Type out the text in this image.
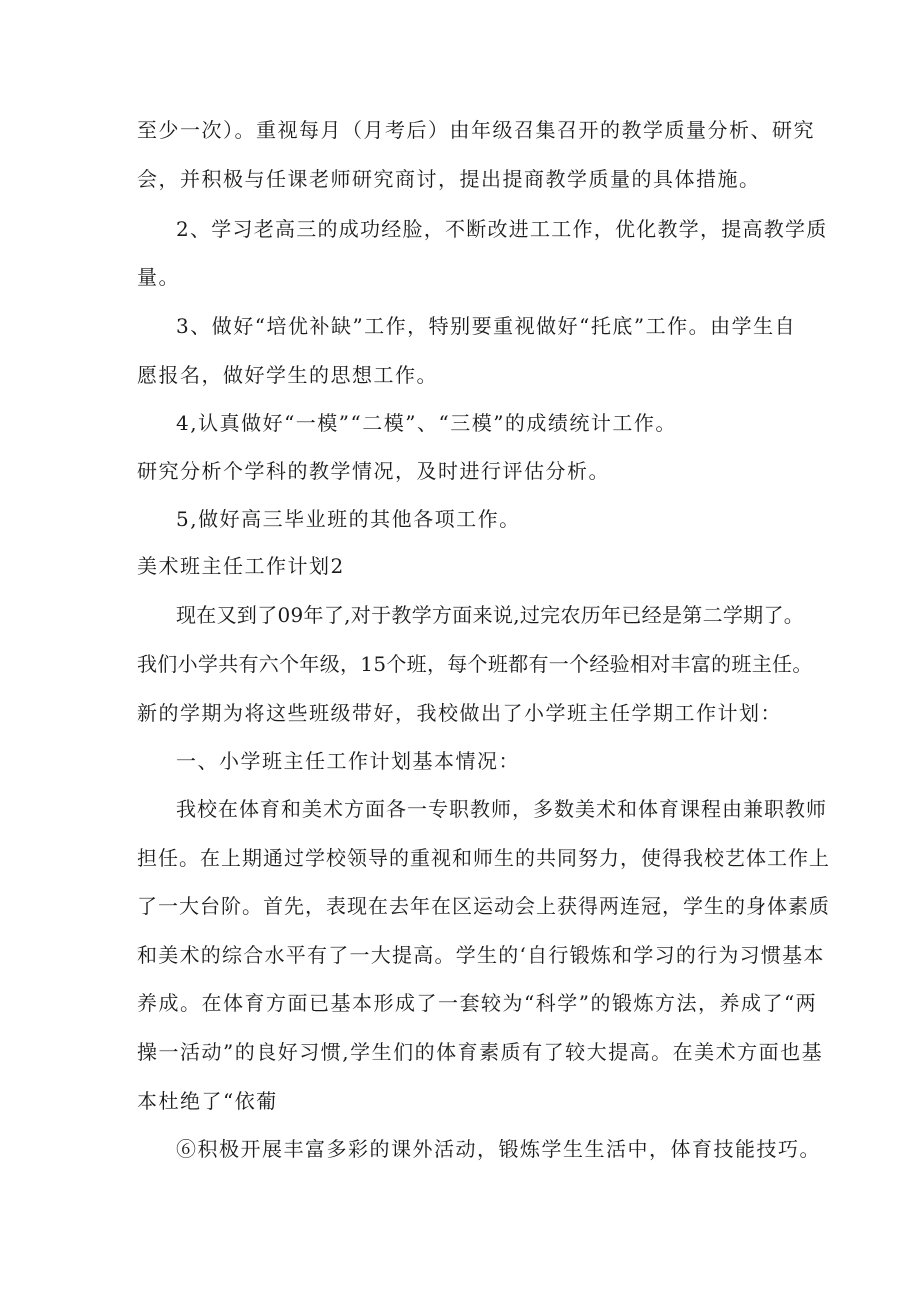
至少一次）。重视每月（月考后）由年级召集召开的教学质量分析、研究
会，并积极与任课老师研究商讨，提出提商教学质量的具体措施。
2、学习老高三的成功经脸，不断改进工工作，优化教学，提高教学质
量。
3、做好“培优补缺”工作，特别要重视做好“托底”工作。由学生自
愿报名，做好学生的思想工作。
4,认真做好“一模”“二模”、“三模”的成绩统计工作。
研究分析个学科的教学情况，及时进行评估分析。
5,做好高三毕业班的其他各项工作。
美术班主任工作计划2
现在又到了09年了,对于教学方面来说,过完农历年已经是第二学期了。
我们小学共有六个年级，15个班，每个班都有一个经验相对丰富的班主任。
新的学期为将这些班级带好，我校做出了小学班主任学期工作计划：
一、小学班主任工作计划基本情况：
我校在体育和美术方面各一专职教师，多数美术和体育课程由兼职教师
担任。在上期通过学校领导的重视和师生的共同努力，使得我校艺体工作上
了一大台阶。首先，表现在去年在区运动会上获得两连冠，学生的身体素质
和美术的综合水平有了一大提高。学生的‘自行锻炼和学习的行为习惯基本
养成。在体育方面已基本形成了一套较为“科学”的锻炼方法，养成了“两
操一活动”的良好习惯,学生们的体育素质有了较大提高。在美术方面也基
本杜绝了“依葡
⑥积极开展丰富多彩的课外活动，锻炼学生生活中，体育技能技巧。
